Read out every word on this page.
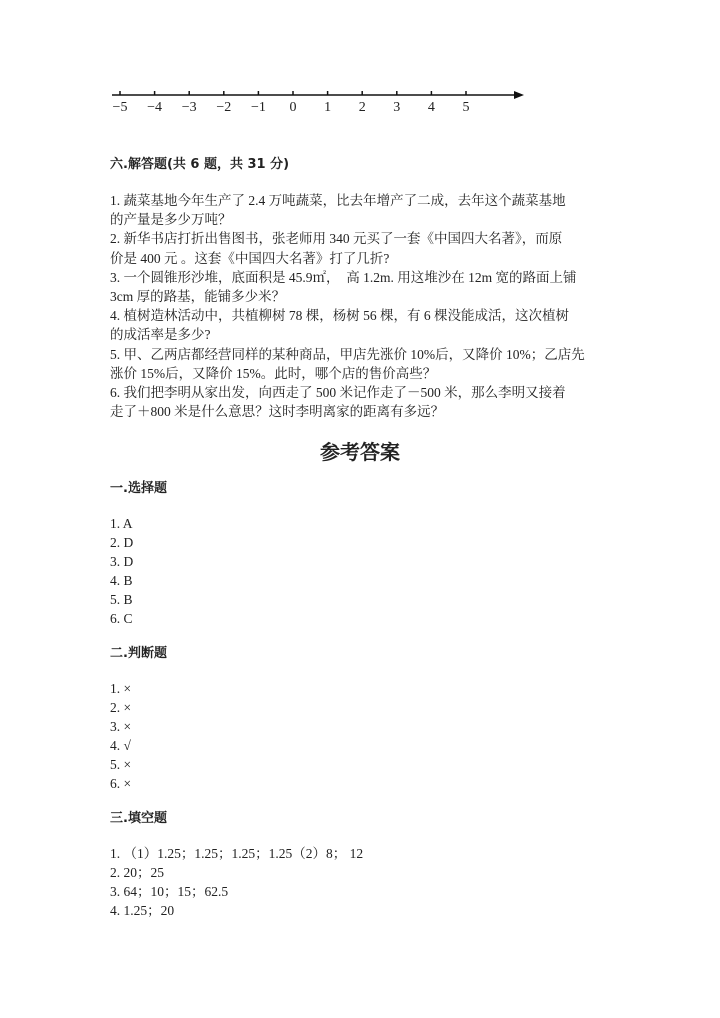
−5 −4 −3 −2 −1 0 1 2 3 4 5
六.解答题(共 6 题，共 31 分)
1. 蔬菜基地今年生产了 2.4 万吨蔬菜，比去年增产了二成，去年这个蔬菜基地
的产量是多少万吨？
2. 新华书店打折出售图书，张老师用 340 元买了一套《中国四大名著》，而原
价是 400 元 。这套《中国四大名著》打了几折?
3. 一个圆锥形沙堆，底面积是 45.9㎡，　高 1.2m. 用这堆沙在 12m 宽的路面上铺
3cm 厚的路基，能铺多少米？
4. 植树造林活动中，共植柳树 78 棵，杨树 56 棵，有 6 棵没能成活，这次植树
的成活率是多少?
5. 甲、乙两店都经营同样的某种商品，甲店先涨价 10%后，又降价 10%；乙店先
涨价 15%后，又降价 15%。此时，哪个店的售价高些？
6. 我们把李明从家出发，向西走了 500 米记作走了－500 米，那么李明又接着
走了＋800 米是什么意思？这时李明离家的距离有多远？
参考答案
一.选择题
1. A
2. D
3. D
4. B
5. B
6. C
二.判断题
1. ×
2. ×
3. ×
4. √
5. ×
6. ×
三.填空题
1. （1）1.25；1.25；1.25；1.25（2）8； 12
2. 20；25
3. 64；10；15；62.5
4. 1.25；20
